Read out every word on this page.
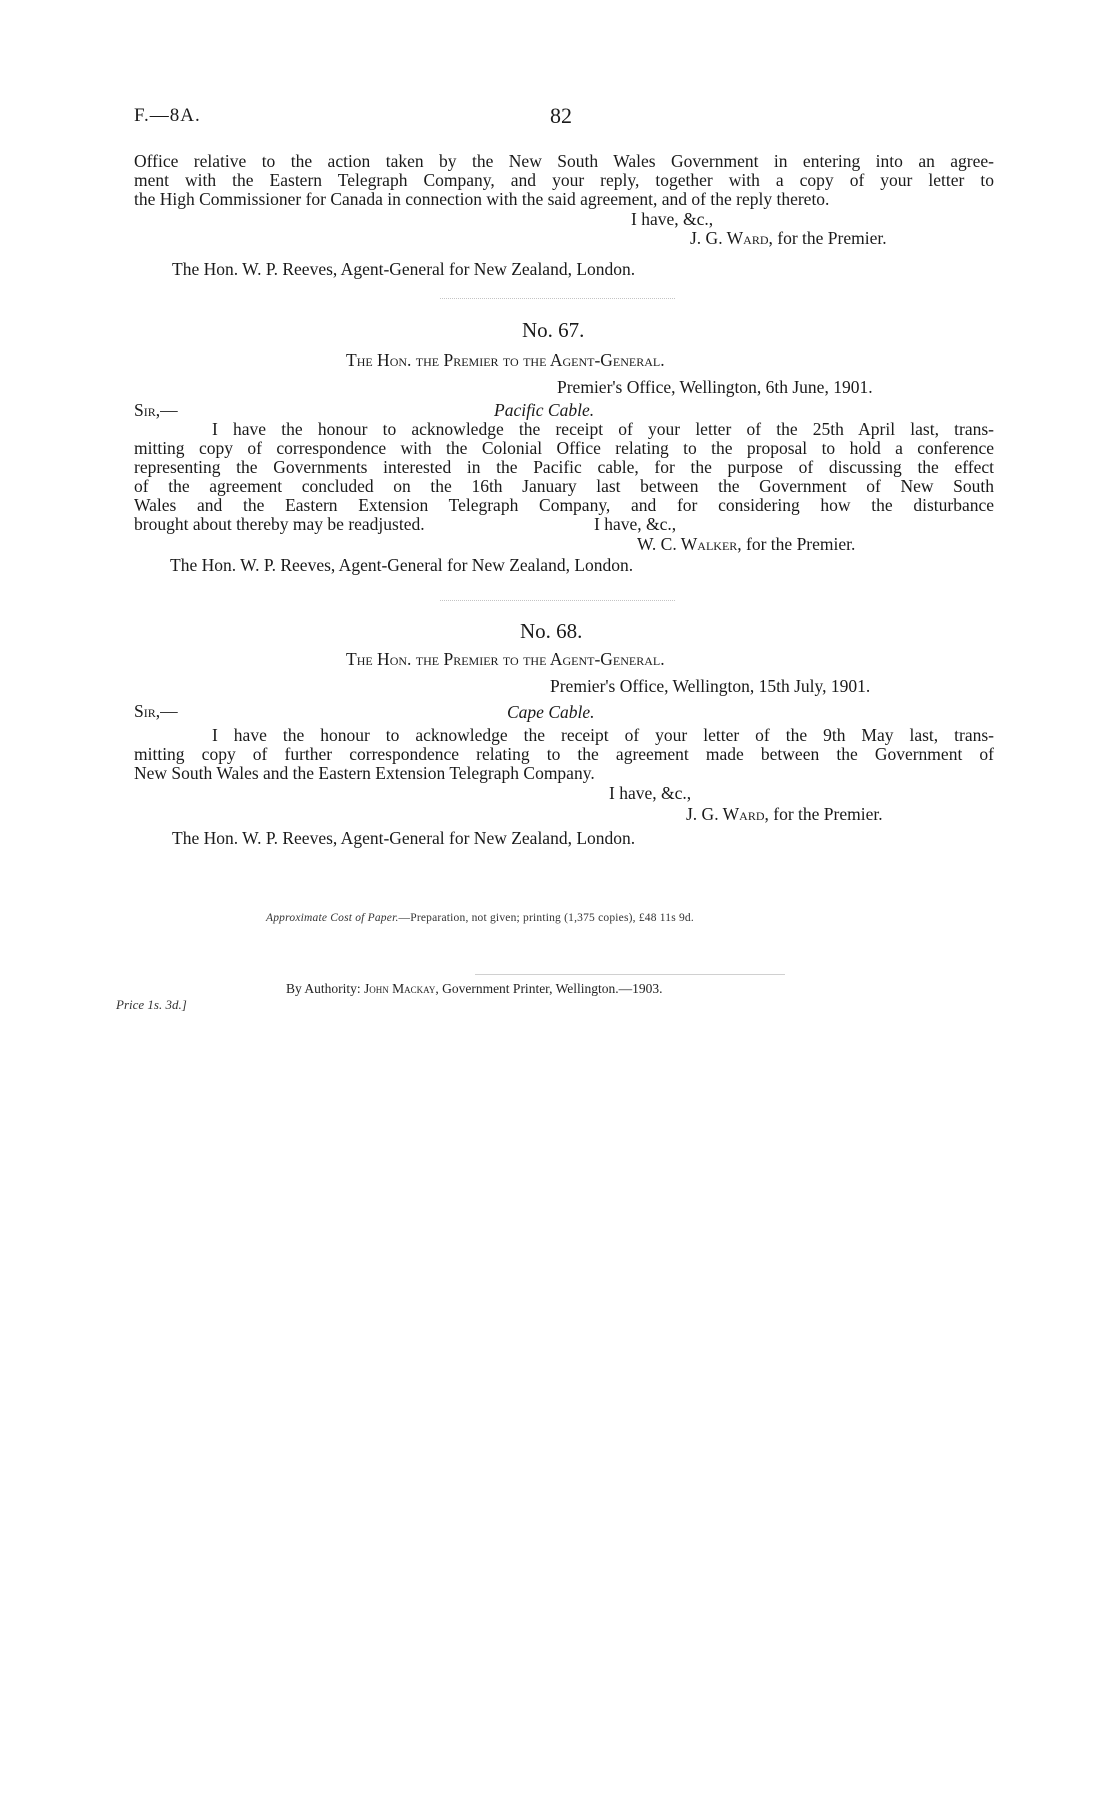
F.—8A.	82
Office relative to the action taken by the New South Wales Government in entering into an agree-
ment with the Eastern Telegraph Company, and your reply, together with a copy of your letter to
the High Commissioner for Canada in connection with the said agreement, and of the reply thereto.
I have, &c.,
J. G. Ward, for the Premier.
The Hon. W. P. Reeves, Agent-General for New Zealand, London.
No. 67.
The Hon. the Premier to the Agent-General.
Premier's Office, Wellington, 6th June, 1901.
Sir,—	Pacific Cable.
I have the honour to acknowledge the receipt of your letter of the 25th April last, trans-
mitting copy of correspondence with the Colonial Office relating to the proposal to hold a conference
representing the Governments interested in the Pacific cable, for the purpose of discussing the effect
of the agreement concluded on the 16th January last between the Government of New South
Wales and the Eastern Extension Telegraph Company, and for considering how the disturbance
brought about thereby may be readjusted.	I have, &c.,
W. C. Walker, for the Premier.
The Hon. W. P. Reeves, Agent-General for New Zealand, London.
No. 68.
The Hon. the Premier to the Agent-General.
Premier's Office, Wellington, 15th July, 1901.
Sir,—	Cape Cable.
I have the honour to acknowledge the receipt of your letter of the 9th May last, trans-
mitting copy of further correspondence relating to the agreement made between the Government of
New South Wales and the Eastern Extension Telegraph Company.
I have, &c.,
J. G. Ward, for the Premier.
The Hon. W. P. Reeves, Agent-General for New Zealand, London.
Approximate Cost of Paper.—Preparation, not given; printing (1,375 copies), £48 11s 9d.
By Authority: John Mackay, Government Printer, Wellington.—1903.
Price 1s. 3d.]
